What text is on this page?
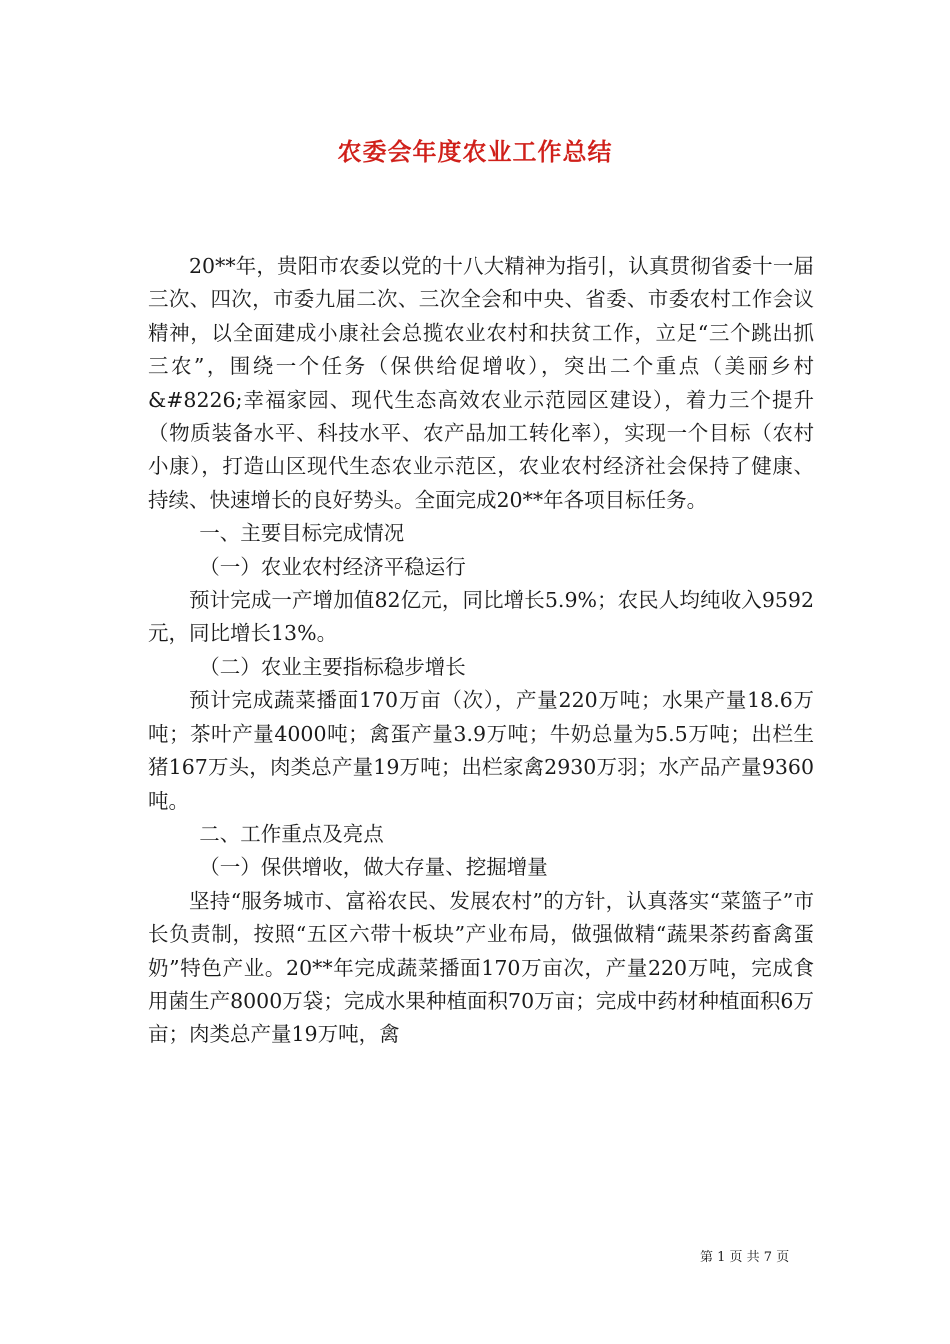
农委会年度农业工作总结

20**年，贵阳市农委以党的十八大精神为指引，认真贯彻省委十一届三次、四次，市委九届二次、三次全会和中央、省委、市委农村工作会议精神，以全面建成小康社会总揽农业农村和扶贫工作，立足“三个跳出抓三农”，围绕一个任务（保供给促增收），突出二个重点（美丽乡村&#8226;幸福家园、现代生态高效农业示范园区建设），着力三个提升（物质装备水平、科技水平、农产品加工转化率），实现一个目标（农村小康），打造山区现代生态农业示范区，农业农村经济社会保持了健康、持续、快速增长的良好势头。全面完成20**年各项目标任务。

一、主要目标完成情况

（一）农业农村经济平稳运行

预计完成一产增加值82亿元，同比增长5.9%；农民人均纯收入9592元，同比增长13%。

（二）农业主要指标稳步增长

预计完成蔬菜播面170万亩（次），产量220万吨；水果产量18.6万吨；茶叶产量4000吨；禽蛋产量3.9万吨；牛奶总量为5.5万吨；出栏生猪167万头，肉类总产量19万吨；出栏家禽2930万羽；水产品产量9360吨。

二、工作重点及亮点

（一）保供增收，做大存量、挖掘增量

坚持“服务城市、富裕农民、发展农村”的方针，认真落实“菜篮子”市长负责制，按照“五区六带十板块”产业布局，做强做精“蔬果茶药畜禽蛋奶”特色产业。20**年完成蔬菜播面170万亩次，产量220万吨，完成食用菌生产8000万袋；完成水果种植面积70万亩；完成中药材种植面积6万亩；肉类总产量19万吨，禽

第 1 页 共 7 页
